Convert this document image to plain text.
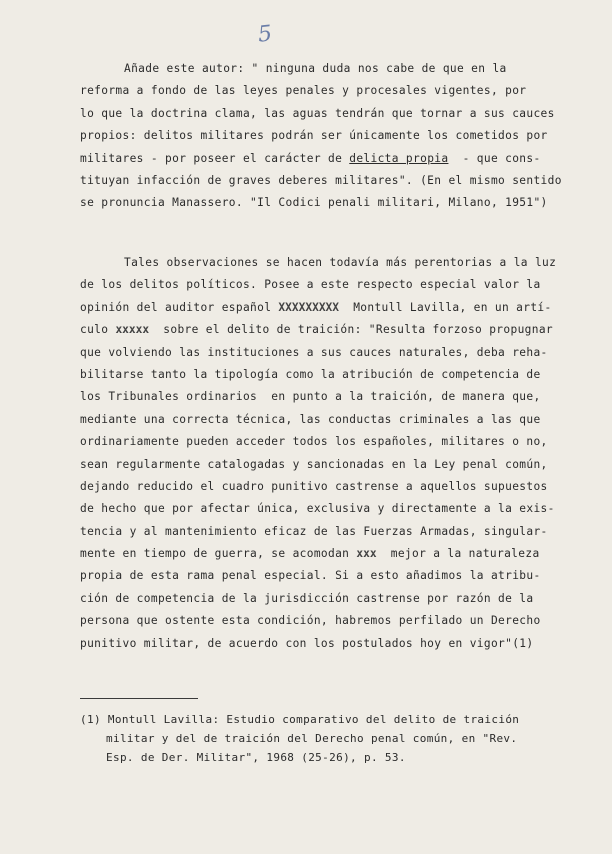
5
Añade este autor: " ninguna duda nos cabe de que en la
reforma a fondo de las leyes penales y procesales vigentes, por
lo que la doctrina clama, las aguas tendrán que tornar a sus cauces
propios: delitos militares podrán ser únicamente los cometidos por
militares - por poseer el carácter de delicta propia  - que cons-
tituyan infacción de graves deberes militares". (En el mismo sentido
se pronuncia Manassero. "Il Codici penali militari, Milano, 1951")
Tales observaciones se hacen todavía más perentorias a la luz
de los delitos políticos. Posee a este respecto especial valor la
opinión del auditor español XXXXXXXXX  Montull Lavilla, en un artí-
culo xxxxx  sobre el delito de traición: "Resulta forzoso propugnar
que volviendo las instituciones a sus cauces naturales, deba reha-
bilitarse tanto la tipología como la atribución de competencia de
los Tribunales ordinarios  en punto a la traición, de manera que,
mediante una correcta técnica, las conductas criminales a las que
ordinariamente pueden acceder todos los españoles, militares o no,
sean regularmente catalogadas y sancionadas en la Ley penal común,
dejando reducido el cuadro punitivo castrense a aquellos supuestos
de hecho que por afectar única, exclusiva y directamente a la exis-
tencia y al mantenimiento eficaz de las Fuerzas Armadas, singular-
mente en tiempo de guerra, se acomodan xxx  mejor a la naturaleza
propia de esta rama penal especial. Si a esto añadimos la atribu-
ción de competencia de la jurisdicción castrense por razón de la
persona que ostente esta condición, habremos perfilado un Derecho
punitivo militar, de acuerdo con los postulados hoy en vigor"(1)
(1) Montull Lavilla: Estudio comparativo del delito de traición
militar y del de traición del Derecho penal común, en "Rev.
Esp. de Der. Militar", 1968 (25-26), p. 53.
